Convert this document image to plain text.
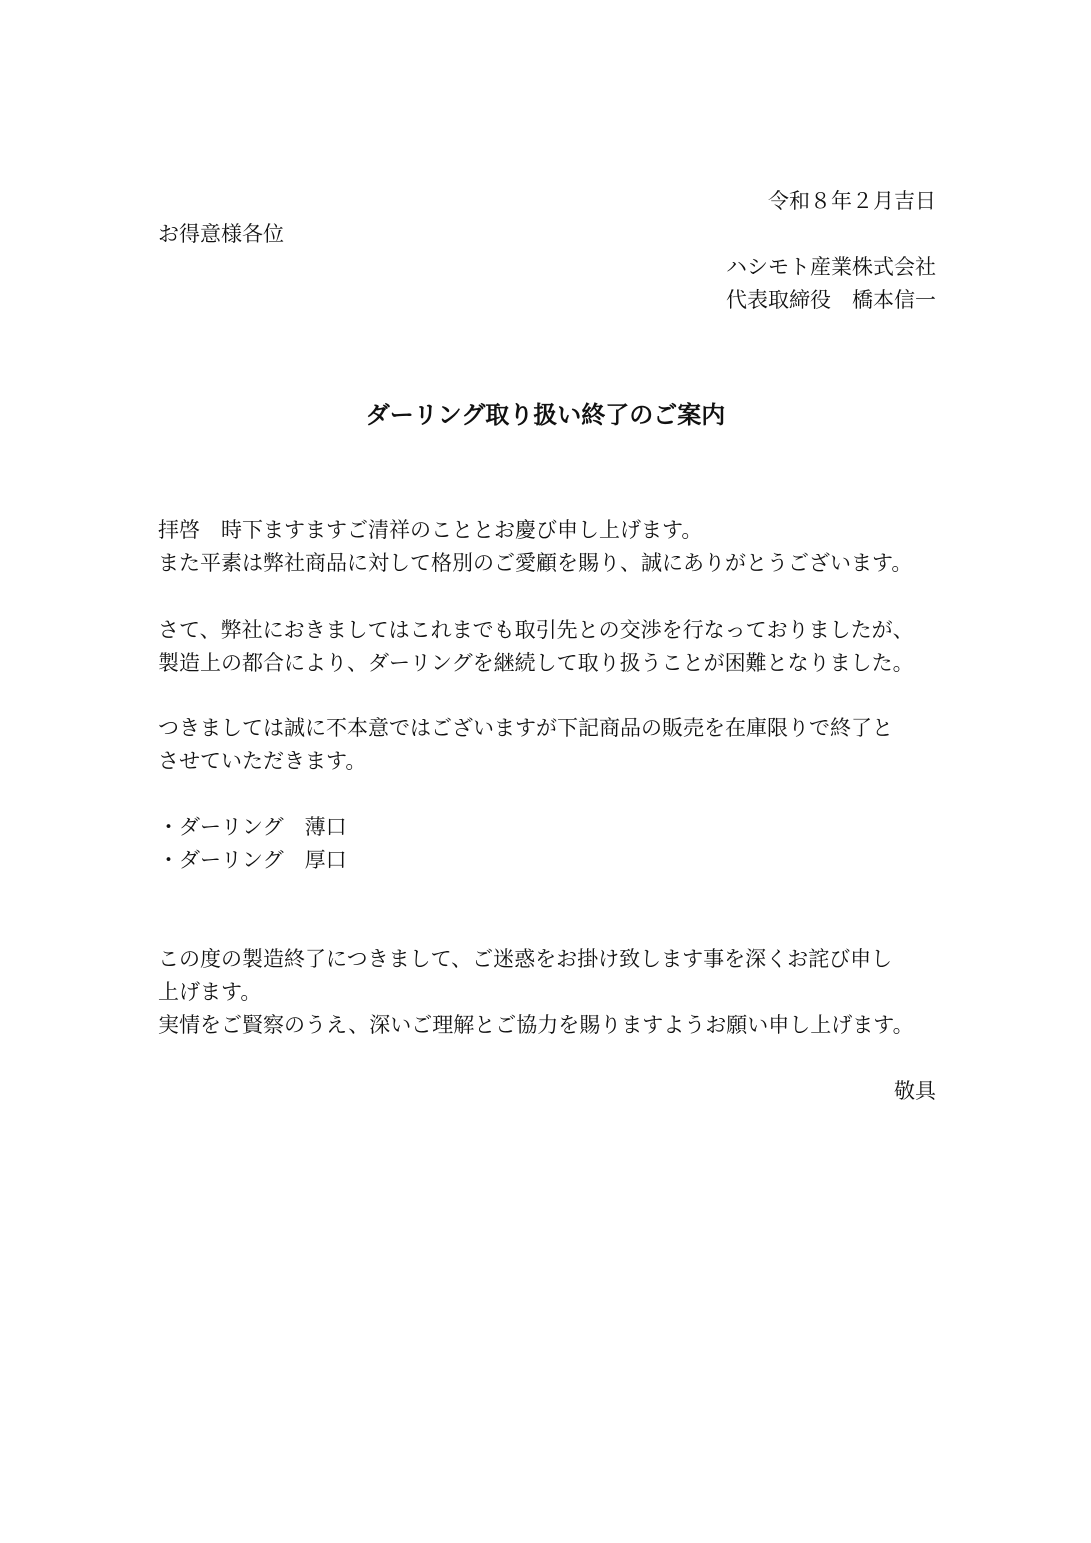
令和８年２月吉日
お得意様各位
ハシモト産業株式会社
代表取締役　橋本信一
ダーリング取り扱い終了のご案内
拝啓　時下ますますご清祥のこととお慶び申し上げます。
また平素は弊社商品に対して格別のご愛顧を賜り、誠にありがとうございます。
さて、弊社におきましてはこれまでも取引先との交渉を行なっておりましたが、
製造上の都合により、ダーリングを継続して取り扱うことが困難となりました。
つきましては誠に不本意ではございますが下記商品の販売を在庫限りで終了と
させていただきます。
・ダーリング　薄口
・ダーリング　厚口
この度の製造終了につきまして、ご迷惑をお掛け致します事を深くお詫び申し
上げます。
実情をご賢察のうえ、深いご理解とご協力を賜りますようお願い申し上げます。
敬具
